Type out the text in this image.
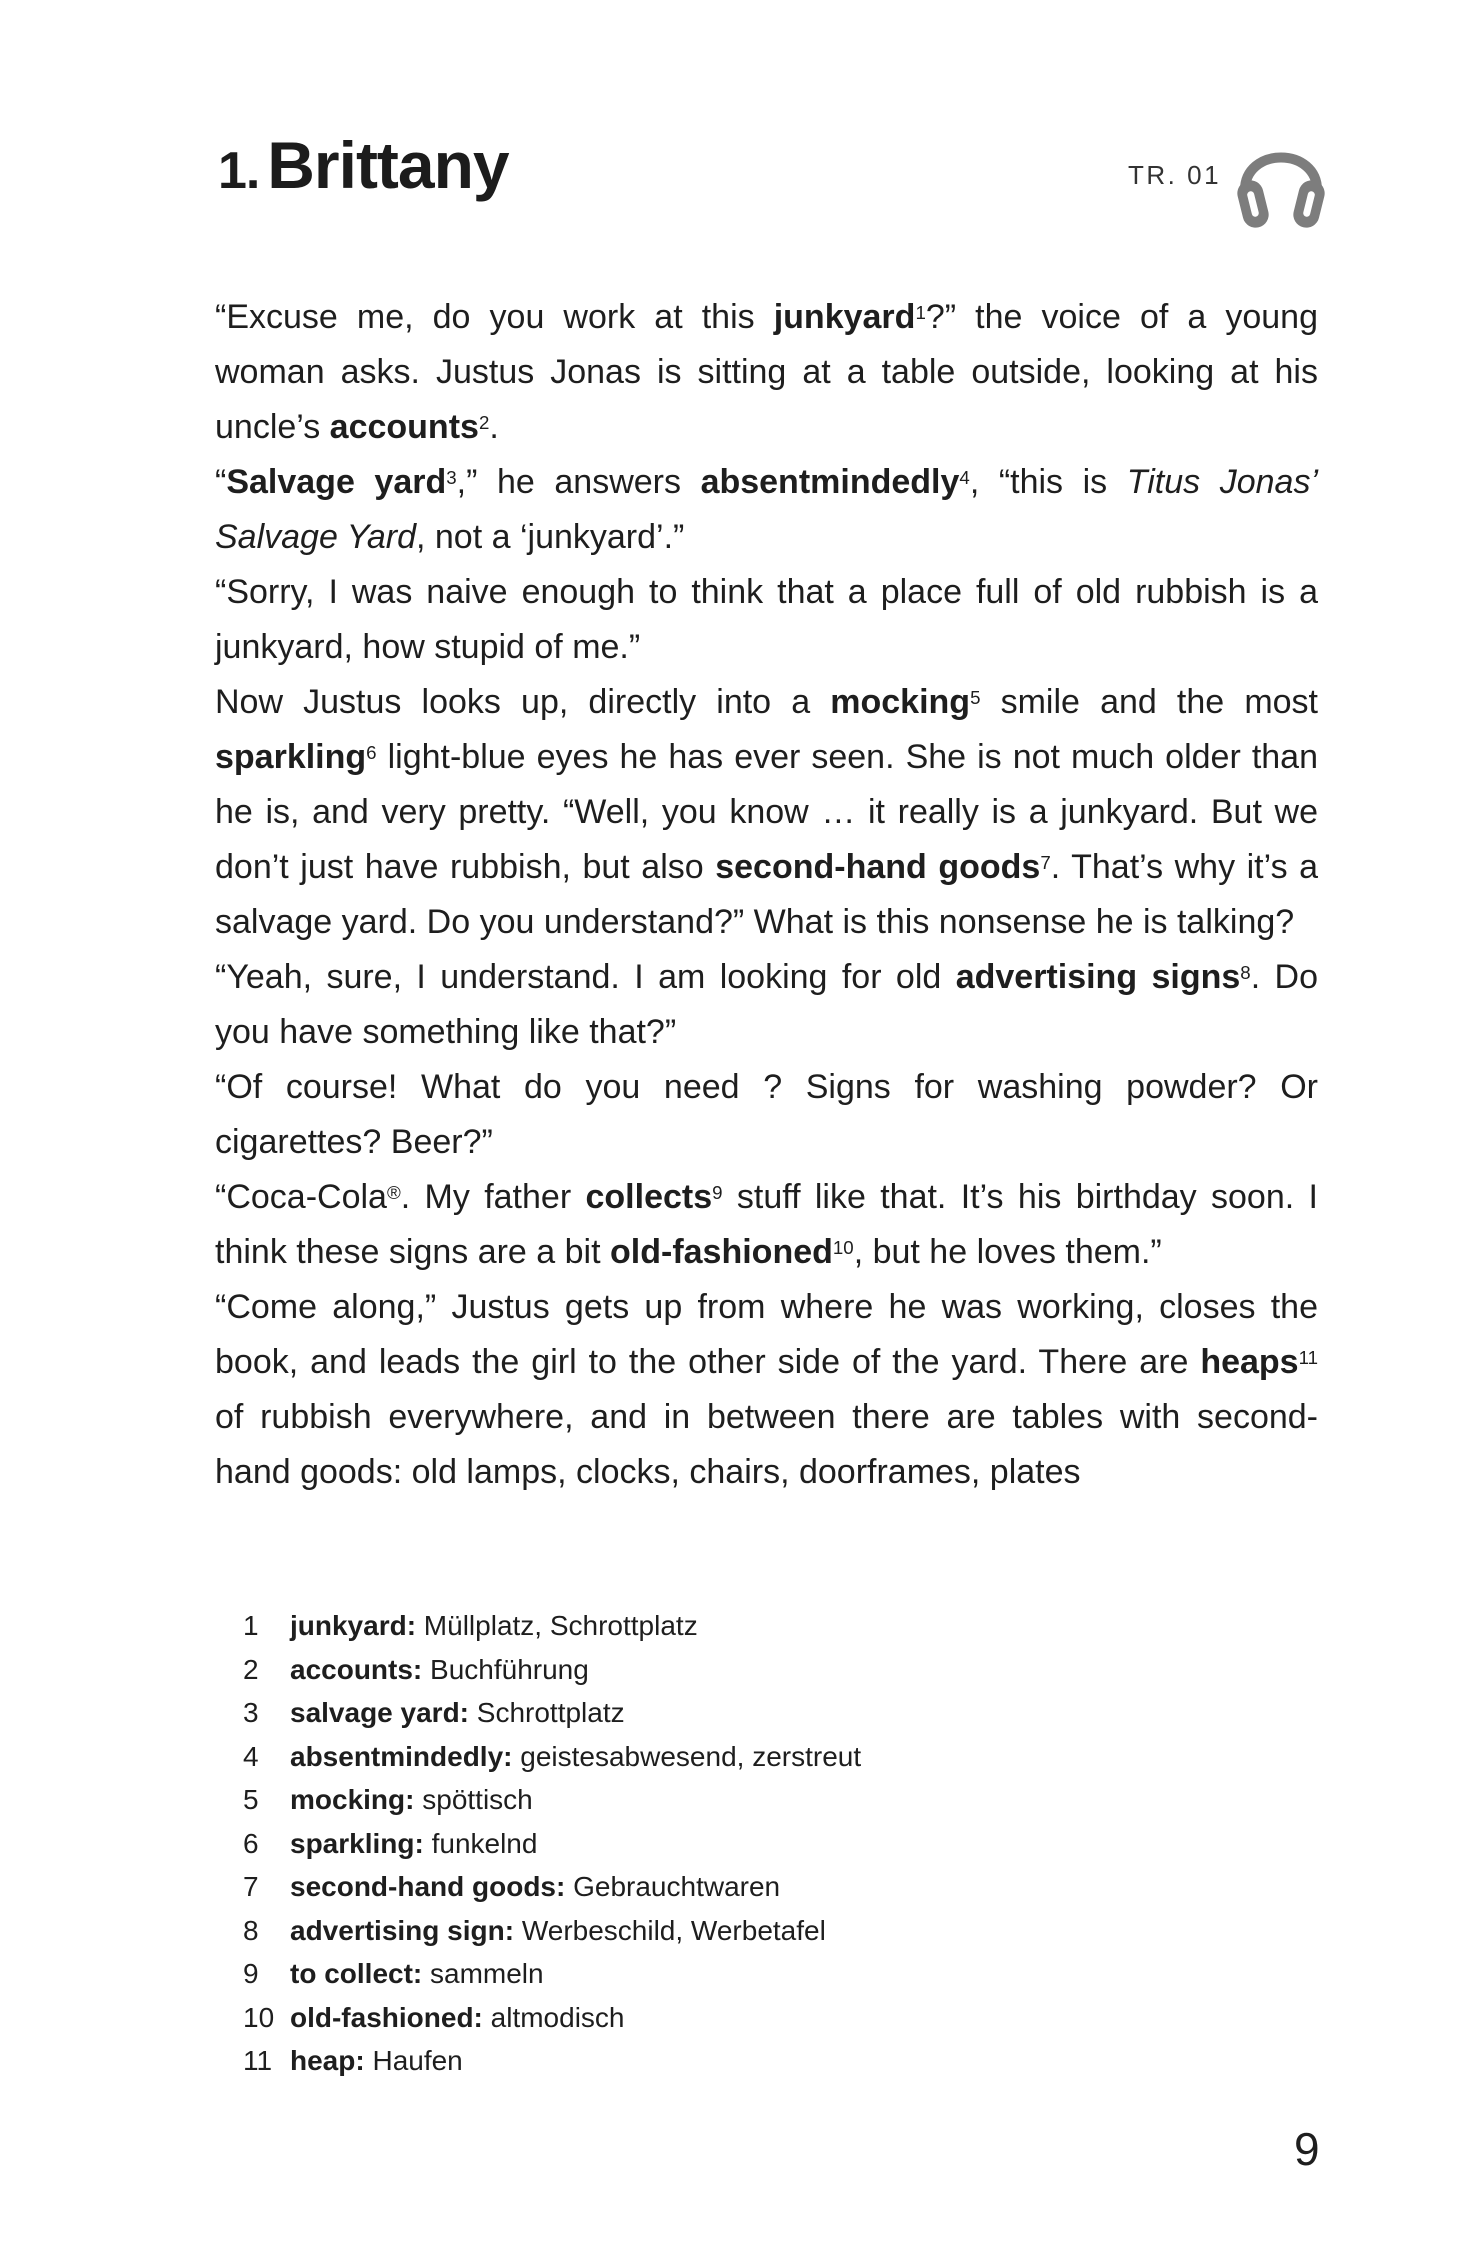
1. Brittany	TR. 01

“Excuse me, do you work at this junkyard$^1$?” the voice of a young woman asks. Justus Jonas is sitting at a table outside, looking at his uncle’s accounts$^2$.

“Salvage yard$^3$,” he answers absentmindedly$^4$, “this is Titus Jonas’ Salvage Yard, not a ‘junkyard’.”

“Sorry, I was naive enough to think that a place full of old rubbish is a junkyard, how stupid of me.”

Now Justus looks up, directly into a mocking$^5$ smile and the most sparkling$^6$ light-blue eyes he has ever seen. She is not much older than he is, and very pretty. “Well, you know … it really is a junkyard. But we don’t just have rubbish, but also second-hand goods$^7$. That’s why it’s a salvage yard. Do you understand?” What is this nonsense he is talking?

“Yeah, sure, I understand. I am looking for old advertising signs$^8$. Do you have something like that?”

“Of course! What do you need ? Signs for washing powder? Or cigarettes? Beer?”

“Coca-Cola®. My father collects$^9$ stuff like that. It’s his birthday soon. I think these signs are a bit old-fashioned$^{10}$, but he loves them.”

“Come along,” Justus gets up from where he was working, closes the book, and leads the girl to the other side of the yard. There are heaps$^{11}$ of rubbish everywhere, and in between there are tables with second-hand goods: old lamps, clocks, chairs, doorframes, plates

1	junkyard: Müllplatz, Schrottplatz
2	accounts: Buchführung
3	salvage yard: Schrottplatz
4	absentmindedly: geistesabwesend, zerstreut
5	mocking: spöttisch
6	sparkling: funkelnd
7	second-hand goods: Gebrauchtwaren
8	advertising sign: Werbeschild, Werbetafel
9	to collect: sammeln
10 old-fashioned: altmodisch
11 heap: Haufen
9
